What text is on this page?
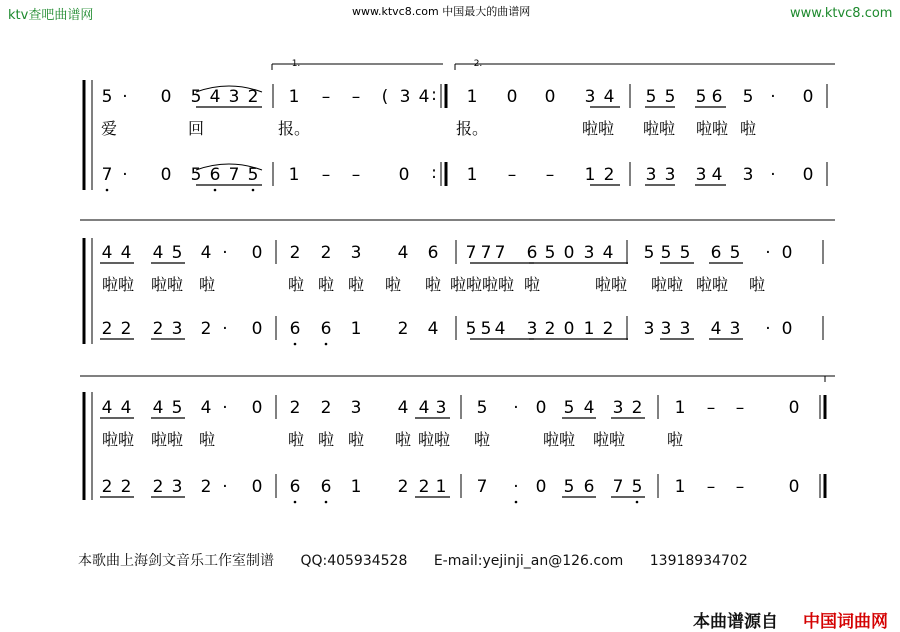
ktv查吧曲谱网	www.ktvc8.com 中国最大的曲谱网	www.ktvc8.com
5 · 0 5 4 3 2 1 – – ( 3 4 : 1 0 0 3 4 5 5 5 6 5 · 0
爱	回	报。	报。	啦啦 啦啦 啦啦 啦
7 · 0 5 6 7 5 1 – – 0 : 1 – – 1 2 3 3 3 4 3 · 0
1.	2.
4 4 4 5 4 · 0 2 2 3 4 6 7 7 7 6 5 0 3 4 5 5 5 6 5 · 0
啦啦 啦啦 啦	啦 啦 啦 啦 啦 啦啦啦啦 啦	啦啦 啦啦 啦啦 啦
2 2 2 3 2 · 0 6 6 1 2 4 5 5 4 3 2 0 1 2 3 3 3 4 3 · 0
4 4 4 5 4 · 0 2 2 3 4 4 3 5 · 0 5 4 3 2 1 – –	0
啦啦 啦啦 啦	啦 啦 啦 啦 啦啦 啦	啦啦 啦啦	啦
2 2 2 3 2 · 0 6 6 1 2 2 1 7 · 0 5 6 7 5 1 – –	0
本歌曲上海剑文音乐工作室制谱 QQ:405934528 E-mail:yejinji_an@126.com 13918934702
本曲谱源自 中国词曲网
